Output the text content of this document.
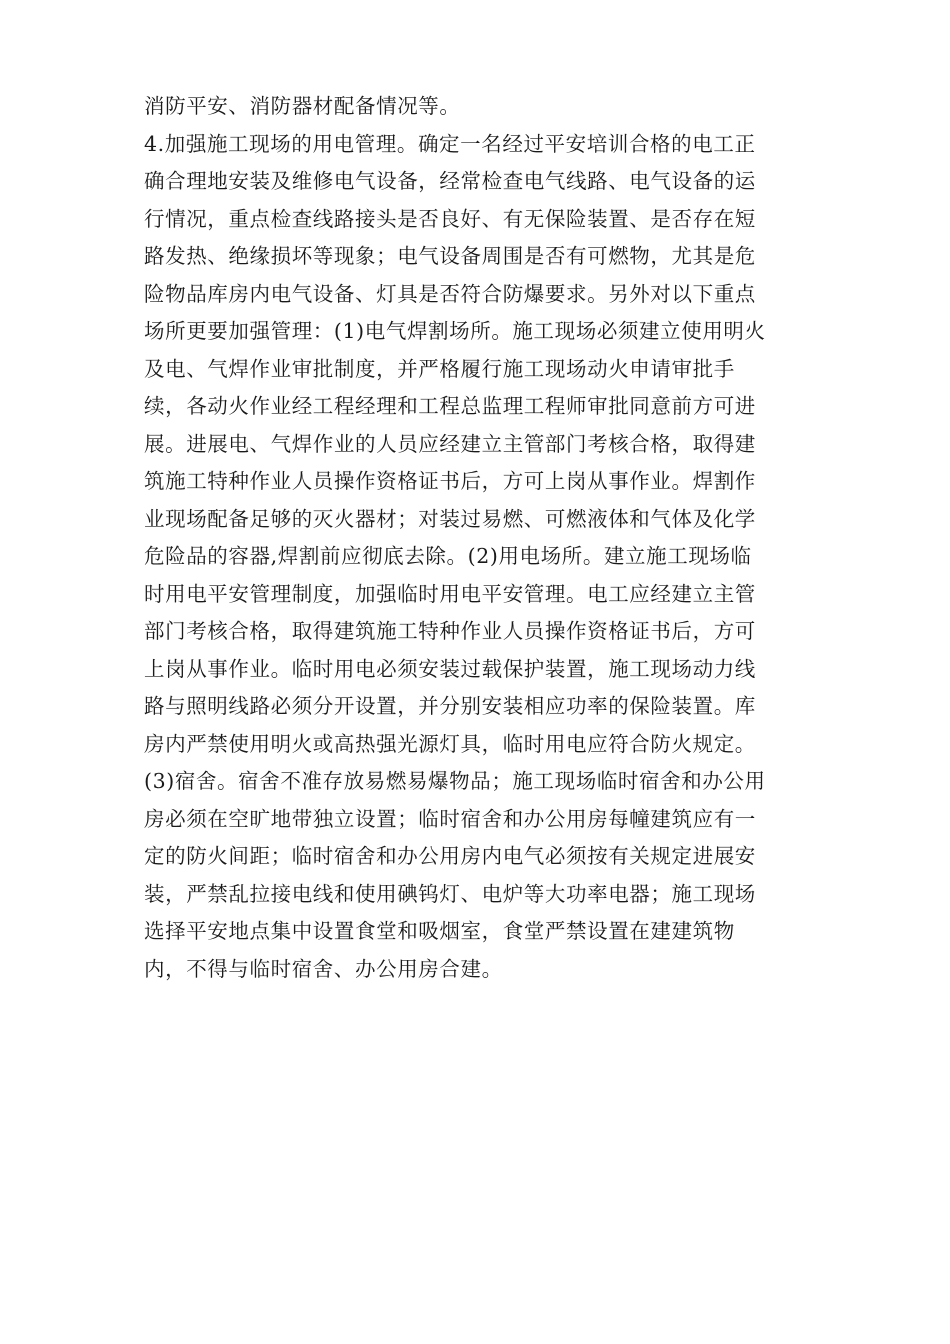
消防平安、消防器材配备情况等。
4.加强施工现场的用电管理。确定一名经过平安培训合格的电工正
确合理地安装及维修电气设备，经常检查电气线路、电气设备的运
行情况，重点检查线路接头是否良好、有无保险装置、是否存在短
路发热、绝缘损坏等现象；电气设备周围是否有可燃物，尤其是危
险物品库房内电气设备、灯具是否符合防爆要求。另外对以下重点
场所更要加强管理：(1)电气焊割场所。施工现场必须建立使用明火
及电、气焊作业审批制度，并严格履行施工现场动火申请审批手
续，各动火作业经工程经理和工程总监理工程师审批同意前方可进
展。进展电、气焊作业的人员应经建立主管部门考核合格，取得建
筑施工特种作业人员操作资格证书后，方可上岗从事作业。焊割作
业现场配备足够的灭火器材；对装过易燃、可燃液体和气体及化学
危险品的容器,焊割前应彻底去除。(2)用电场所。建立施工现场临
时用电平安管理制度，加强临时用电平安管理。电工应经建立主管
部门考核合格，取得建筑施工特种作业人员操作资格证书后，方可
上岗从事作业。临时用电必须安装过载保护装置，施工现场动力线
路与照明线路必须分开设置，并分别安装相应功率的保险装置。库
房内严禁使用明火或高热强光源灯具，临时用电应符合防火规定。
(3)宿舍。宿舍不准存放易燃易爆物品；施工现场临时宿舍和办公用
房必须在空旷地带独立设置；临时宿舍和办公用房每幢建筑应有一
定的防火间距；临时宿舍和办公用房内电气必须按有关规定进展安
装，严禁乱拉接电线和使用碘钨灯、电炉等大功率电器；施工现场
选择平安地点集中设置食堂和吸烟室，食堂严禁设置在建建筑物
内，不得与临时宿舍、办公用房合建。
